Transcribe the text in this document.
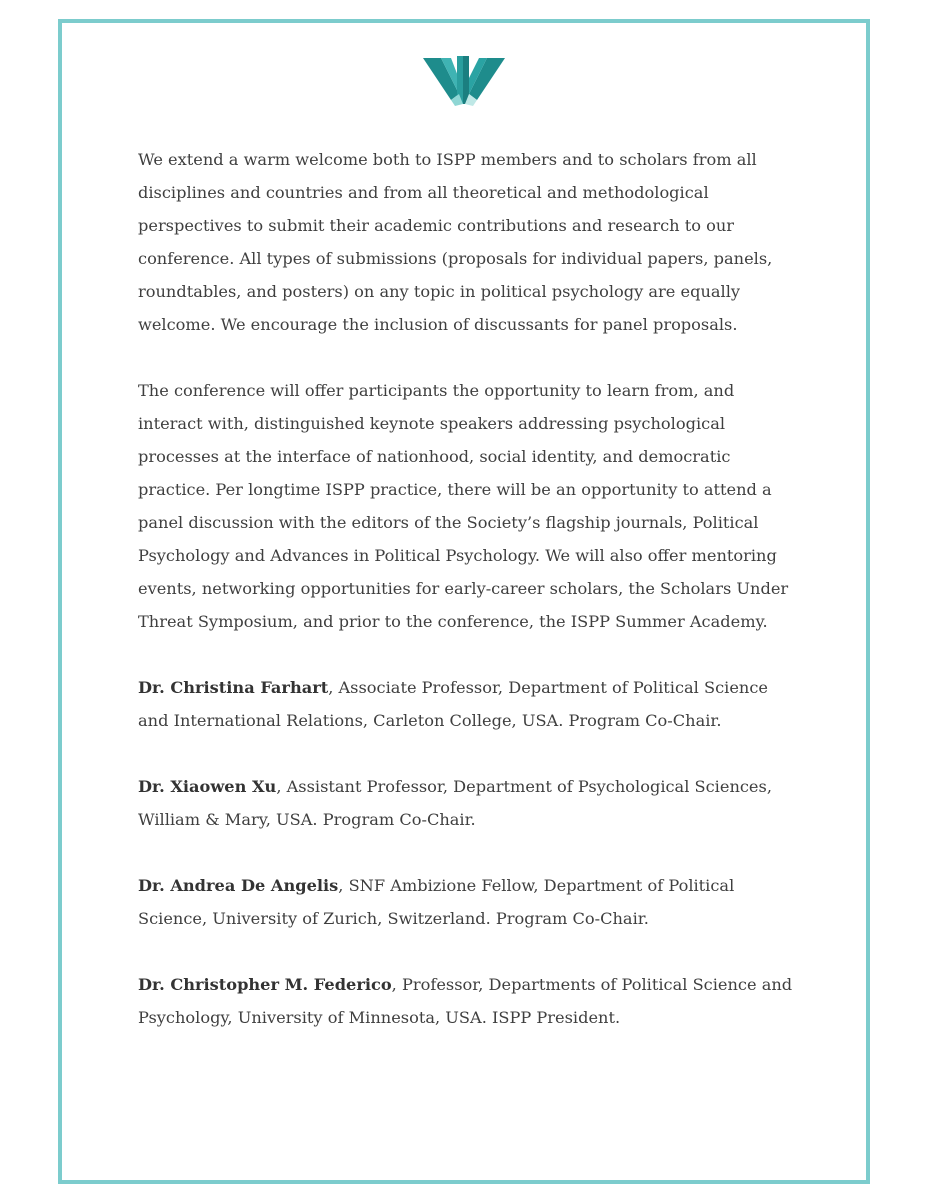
We extend a warm welcome both to ISPP members and to scholars from all disciplines and countries and from all theoretical and methodological perspectives to submit their academic contributions and research to our conference. All types of submissions (proposals for individual papers, panels, roundtables, and posters) on any topic in political psychology are equally welcome. We encourage the inclusion of discussants for panel proposals.

The conference will offer participants the opportunity to learn from, and interact with, distinguished keynote speakers addressing psychological processes at the interface of nationhood, social identity, and democratic practice. Per longtime ISPP practice, there will be an opportunity to attend a panel discussion with the editors of the Society’s flagship journals, Political Psychology and Advances in Political Psychology. We will also offer mentoring events, networking opportunities for early-career scholars, the Scholars Under Threat Symposium, and prior to the conference, the ISPP Summer Academy.

Dr. Christina Farhart, Associate Professor, Department of Political Science and International Relations, Carleton College, USA. Program Co-Chair.

Dr. Xiaowen Xu, Assistant Professor, Department of Psychological Sciences, William & Mary, USA. Program Co-Chair.

Dr. Andrea De Angelis, SNF Ambizione Fellow, Department of Political Science, University of Zurich, Switzerland. Program Co-Chair.

Dr. Christopher M. Federico, Professor, Departments of Political Science and Psychology, University of Minnesota, USA. ISPP President.
